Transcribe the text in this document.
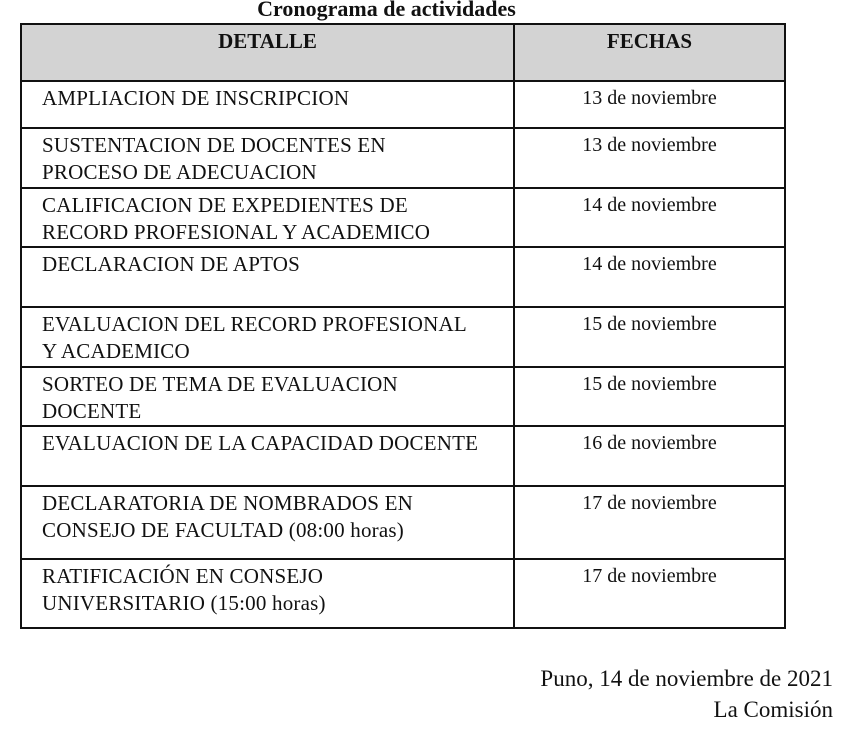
Cronograma de actividades
DETALLE	FECHAS
AMPLIACION DE INSCRIPCION	13 de noviembre
SUSTENTACION DE DOCENTES EN
PROCESO DE ADECUACION	13 de noviembre
CALIFICACION DE EXPEDIENTES DE
RECORD PROFESIONAL Y ACADEMICO	14 de noviembre
DECLARACION DE APTOS	14 de noviembre
EVALUACION DEL RECORD PROFESIONAL
Y ACADEMICO	15 de noviembre
SORTEO DE TEMA DE EVALUACION
DOCENTE	15 de noviembre
EVALUACION DE LA CAPACIDAD DOCENTE	16 de noviembre
DECLARATORIA DE NOMBRADOS EN
CONSEJO DE FACULTAD (08:00 horas)	17 de noviembre
RATIFICACIÓN EN CONSEJO
UNIVERSITARIO (15:00 horas)	17 de noviembre
Puno, 14 de noviembre de 2021
La Comisión
